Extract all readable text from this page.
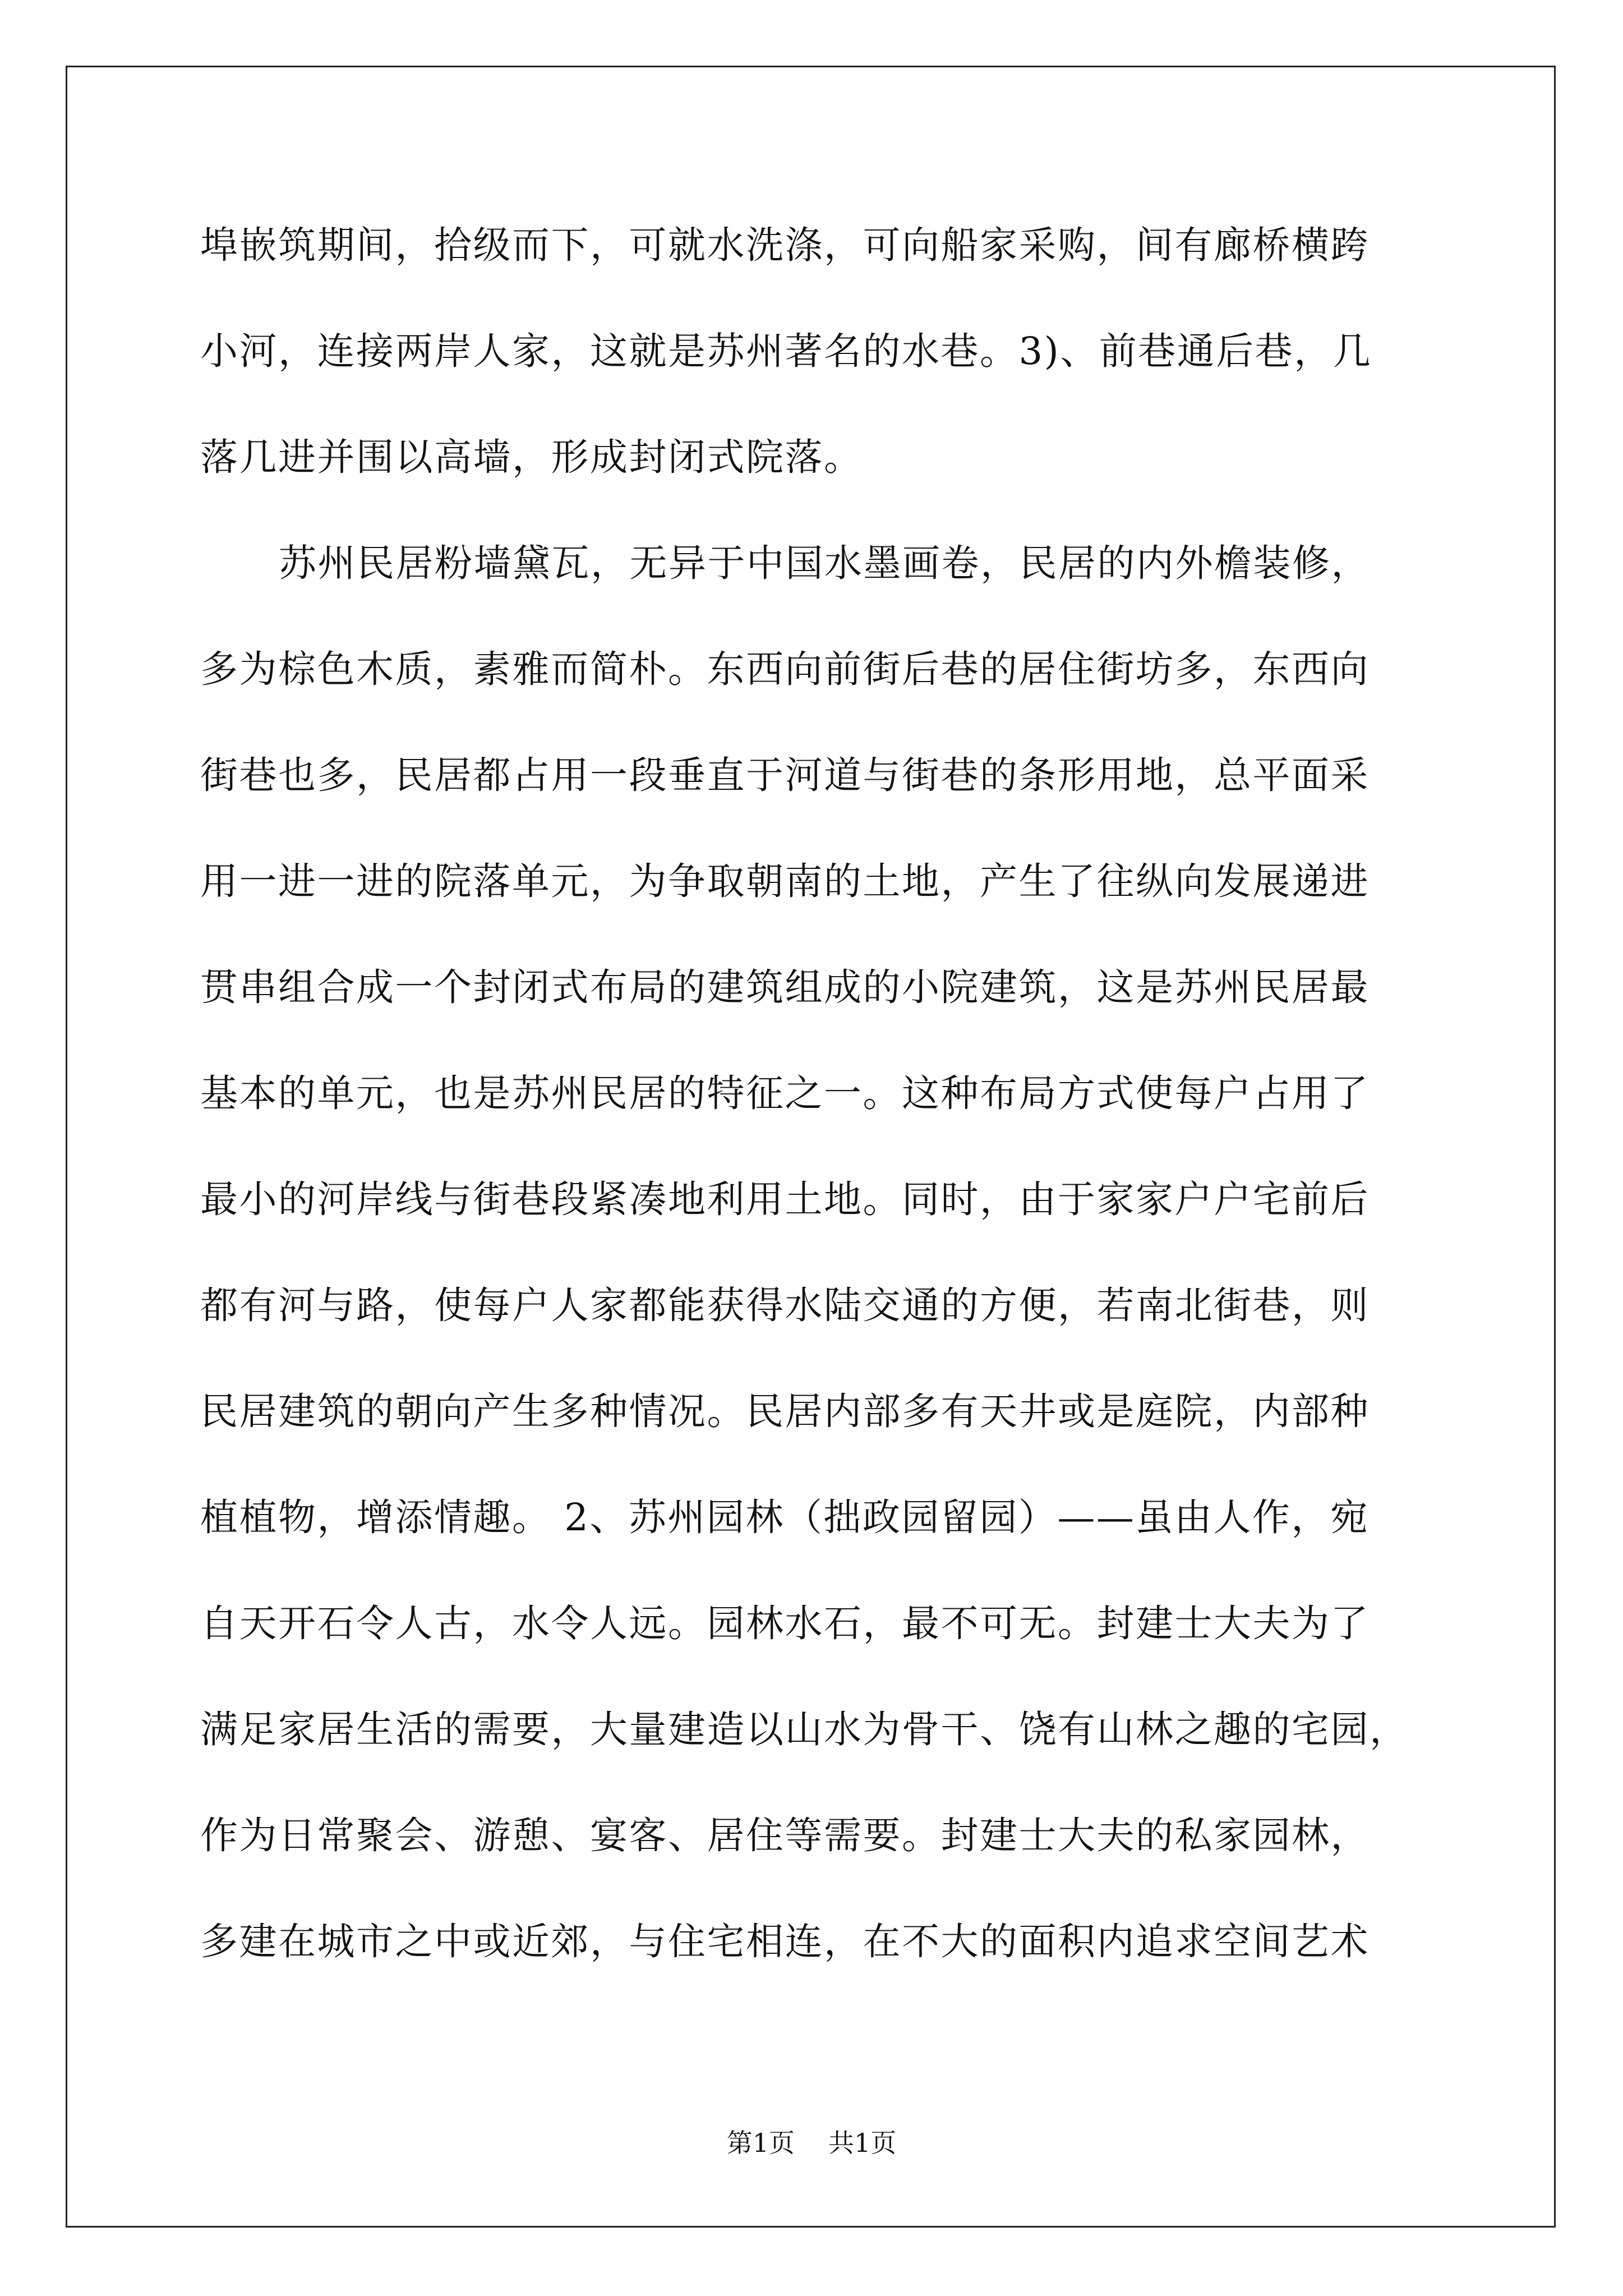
埠嵌筑期间，拾级而下，可就水洗涤，可向船家采购，间有廊桥横跨
小河，连接两岸人家，这就是苏州著名的水巷。3)、前巷通后巷，几
落几进并围以高墙，形成封闭式院落。
苏州民居粉墙黛瓦，无异于中国水墨画卷，民居的内外檐装修，
多为棕色木质，素雅而简朴。东西向前街后巷的居住街坊多，东西向
街巷也多，民居都占用一段垂直于河道与街巷的条形用地，总平面采
用一进一进的院落单元，为争取朝南的土地，产生了往纵向发展递进
贯串组合成一个封闭式布局的建筑组成的小院建筑，这是苏州民居最
基本的单元，也是苏州民居的特征之一。这种布局方式使每户占用了
最小的河岸线与街巷段紧凑地利用土地。同时，由于家家户户宅前后
都有河与路，使每户人家都能获得水陆交通的方便，若南北街巷，则
民居建筑的朝向产生多种情况。民居内部多有天井或是庭院，内部种
植植物，增添情趣。 2、苏州园林（拙政园留园）——虽由人作，宛
自天开石令人古，水令人远。园林水石，最不可无。封建士大夫为了
满足家居生活的需要，大量建造以山水为骨干、饶有山林之趣的宅园，
作为日常聚会、游憩、宴客、居住等需要。封建士大夫的私家园林，
多建在城市之中或近郊，与住宅相连，在不大的面积内追求空间艺术
第1页 共1页
